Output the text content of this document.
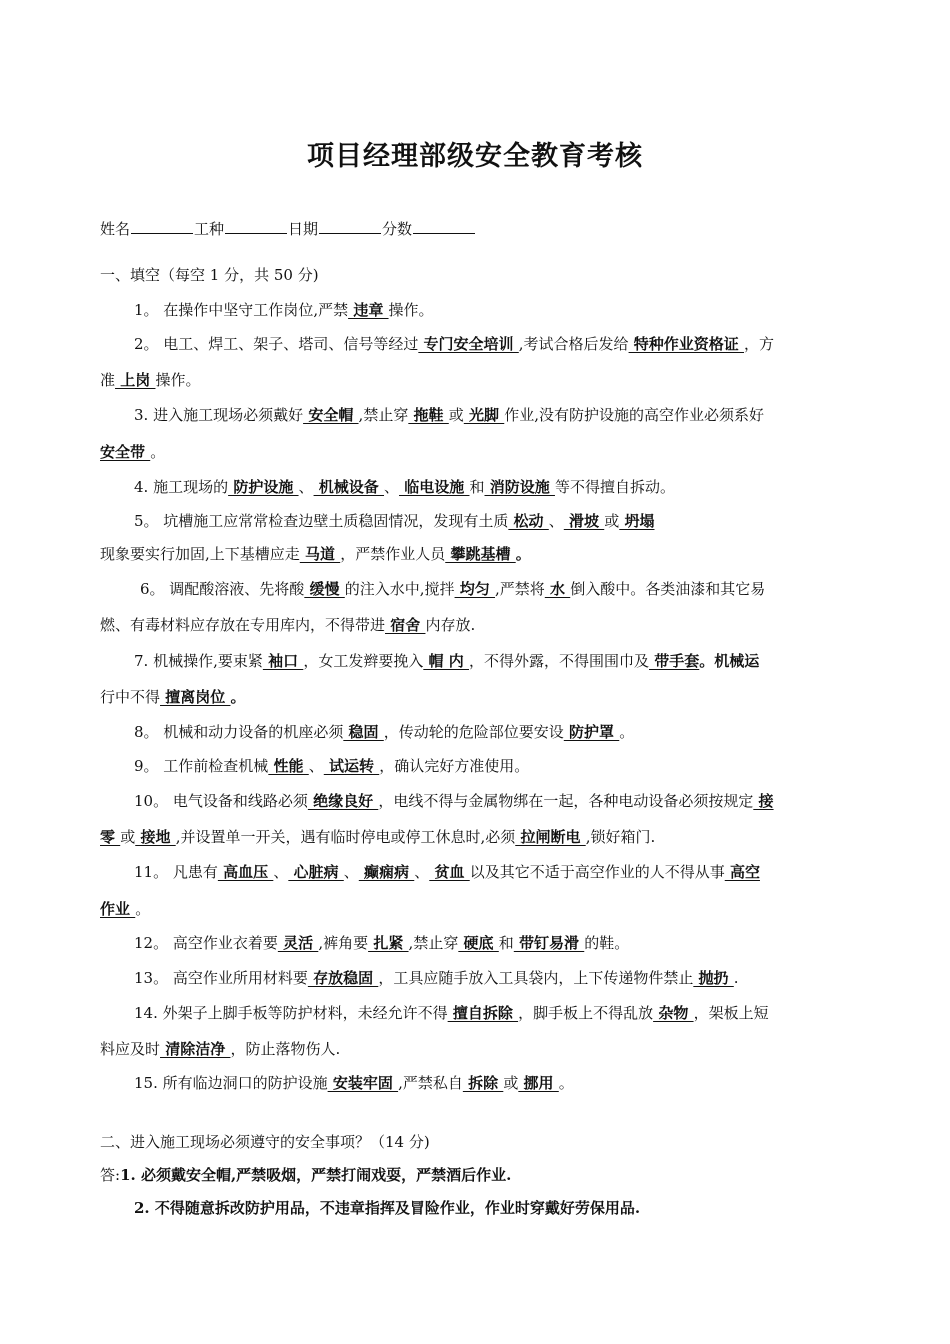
项目经理部级安全教育考核
姓名	工种	日期	分数
一、填空（每空 1 分，共 50 分)
1。 在操作中坚守工作岗位,严禁 违章 操作。
2。 电工、焊工、架子、塔司、信号等经过 专门安全培训 ,考试合格后发给 特种作业资格证 ，方
准 上岗 操作。
3. 进入施工现场必须戴好 安全帽 ,禁止穿 拖鞋 或 光脚 作业,没有防护设施的高空作业必须系好
安全带 。
4. 施工现场的 防护设施 、 机械设备 、 临电设施 和 消防设施 等不得擅自拆动。
5。 坑槽施工应常常检查边壁土质稳固情况，发现有土质 松动 、 滑坡 或 坍塌
现象要实行加固,上下基槽应走 马道 ，严禁作业人员 攀跳基槽 。
6。 调配酸溶液、先将酸 缓慢 的注入水中,搅拌 均匀 ,严禁将 水 倒入酸中。各类油漆和其它易
燃、有毒材料应存放在专用库内，不得带进 宿舍 内存放.
7. 机械操作,要束紧 袖口 ，女工发辫要挽入 帽 内 ，不得外露，不得围围巾及 带手套。机械运
行中不得 擅离岗位 。
8。 机械和动力设备的机座必须 稳固 ，传动轮的危险部位要安设 防护罩 。
9。 工作前检查机械 性能 、 试运转 ，确认完好方准使用。
10。 电气设备和线路必须 绝缘良好 ，电线不得与金属物绑在一起，各种电动设备必须按规定 接
零 或 接地 ,并设置单一开关，遇有临时停电或停工休息时,必须 拉闸断电 ,锁好箱门.
11。 凡患有 高血压 、 心脏病 、 癫痫病 、 贫血 以及其它不适于高空作业的人不得从事 高空
作业 。
12。 高空作业衣着要 灵活 ,裤角要 扎紧 ,禁止穿 硬底 和 带钉易滑 的鞋。
13。 高空作业所用材料要 存放稳固 ，工具应随手放入工具袋内，上下传递物件禁止 抛扔 .
14. 外架子上脚手板等防护材料，未经允许不得 擅自拆除 ，脚手板上不得乱放 杂物 ，架板上短
料应及时 清除洁净 ，防止落物伤人.
15. 所有临边洞口的防护设施 安装牢固 ,严禁私自 拆除 或 挪用 。
二、进入施工现场必须遵守的安全事项？（14 分)
答:1. 必须戴安全帽,严禁吸烟，严禁打闹戏耍，严禁酒后作业.
2. 不得随意拆改防护用品，不违章指挥及冒险作业，作业时穿戴好劳保用品.
